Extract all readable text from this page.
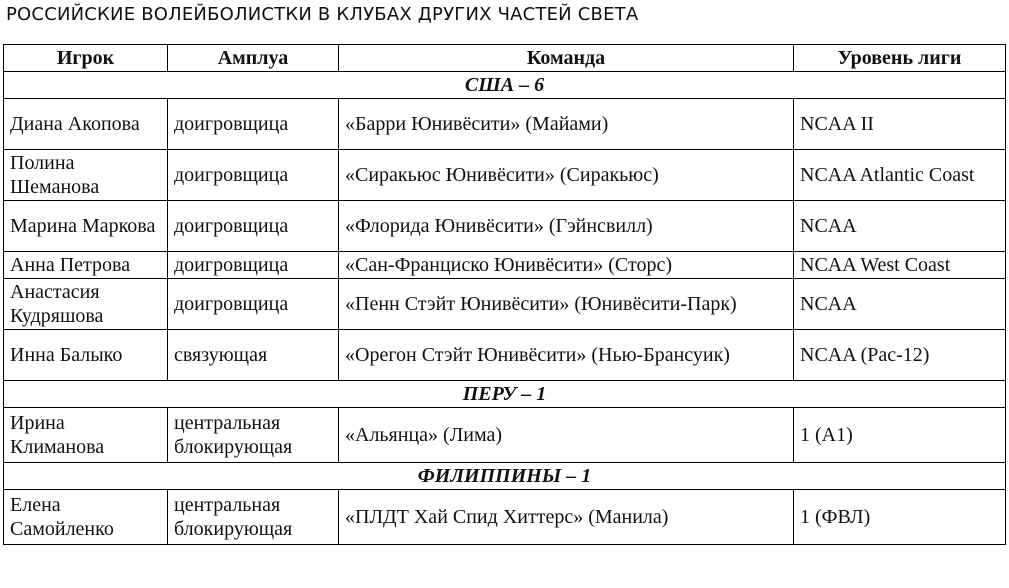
РОССИЙСКИЕ ВОЛЕЙБОЛИСТКИ В КЛУБАХ ДРУГИХ ЧАСТЕЙ СВЕТА
Игрок	Амплуа	Команда	Уровень лиги
США – 6			
Диана Акопова	доигровщица	«Барри Юнивёсити» (Майами)	NCAA II
Полина Шеманова	доигровщица	«Сиракьюс Юнивёсити» (Сиракьюс)	NCAA Atlantic Coast
Марина Маркова	доигровщица	«Флорида Юнивёсити» (Гэйнсвилл)	NCAA
Анна Петрова	доигровщица	«Сан-Франциско Юнивёсити» (Сторс)	NCAA West Coast
Анастасия Кудряшова	доигровщица	«Пенн Стэйт Юнивёсити» (Юнивёсити-Парк)	NCAA
Инна Балыко	связующая	«Орегон Стэйт Юнивёсити» (Нью-Брансуик)	NCAA (Pac-12)
ПЕРУ – 1			
Ирина Климанова	центральная блокирующая	«Альянца» (Лима)	1 (A1)
ФИЛИППИНЫ – 1			
Елена Самойленко	центральная блокирующая	«ПЛДТ Хай Спид Хиттерс» (Манила)	1 (ФВЛ)
